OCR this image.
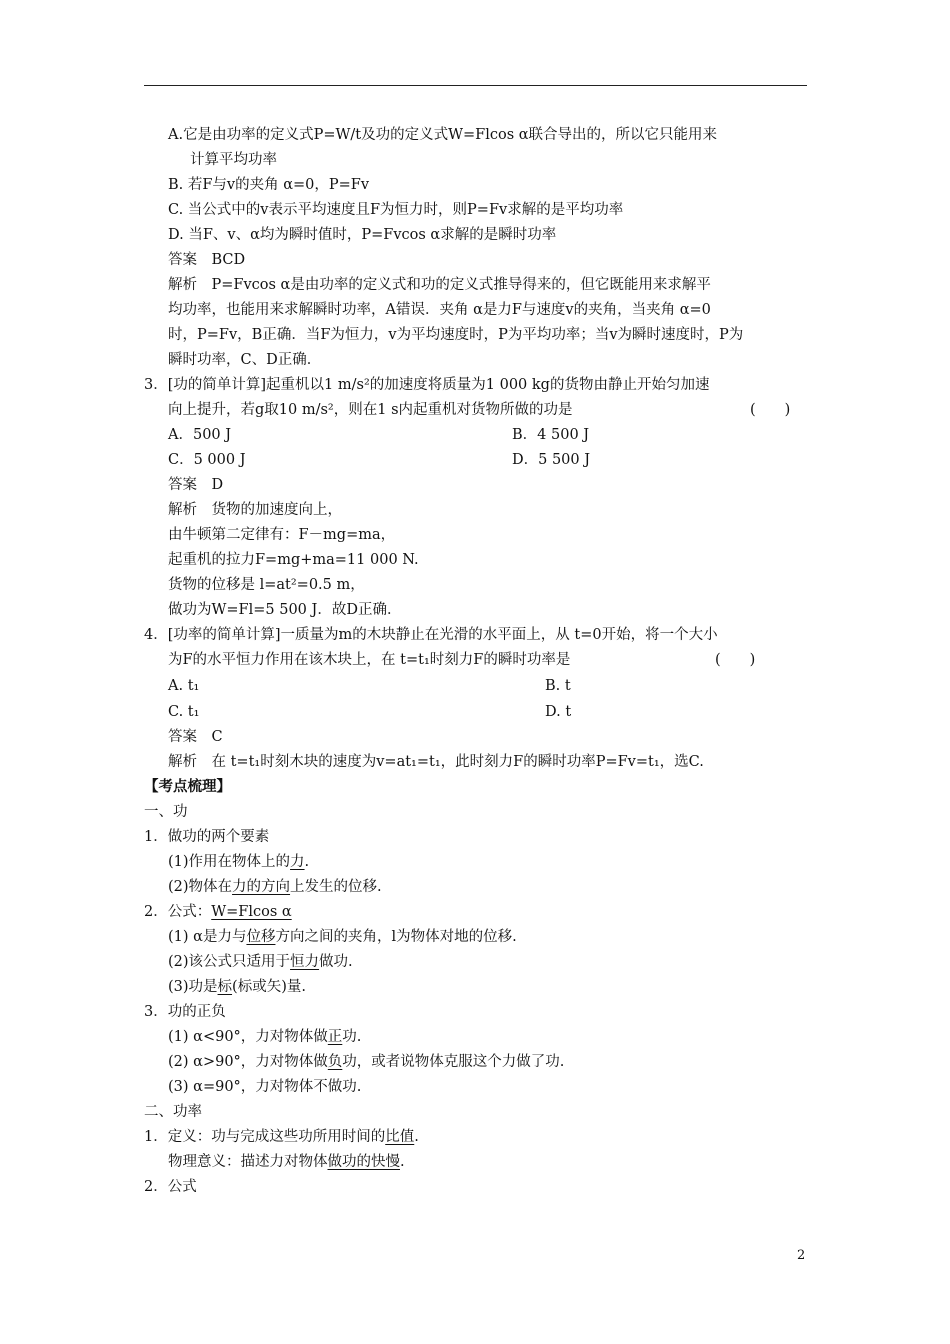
A.它是由功率的定义式P=W/t及功的定义式W=Flcos α联合导出的，所以它只能用来
计算平均功率
B. 若F与v的夹角 α=0，P=Fv
C. 当公式中的v表示平均速度且F为恒力时，则P=Fv求解的是平均功率
D. 当F、v、α均为瞬时值时，P=Fvcos α求解的是瞬时功率
答案　BCD
解析　P=Fvcos α是由功率的定义式和功的定义式推导得来的，但它既能用来求解平
均功率，也能用来求解瞬时功率，A错误．夹角 α是力F与速度v的夹角，当夹角 α=0
时，P=Fv，B正确．当F为恒力，v为平均速度时，P为平均功率；当v为瞬时速度时，P为
瞬时功率，C、D正确．
3．[功的简单计算]起重机以1 m/s²的加速度将质量为1 000 kg的货物由静止开始匀加速
向上提升，若g取10 m/s²，则在1 s内起重机对货物所做的功是	(　　)
A．500 J	B．4 500 J
C．5 000 J	D．5 500 J
答案　D
解析　货物的加速度向上，
由牛顿第二定律有：F－mg=ma，
起重机的拉力F=mg+ma=11 000 N.
货物的位移是 l=at²=0.5 m，
做功为W=Fl=5 500 J．故D正确．
4．[功率的简单计算]一质量为m的木块静止在光滑的水平面上，从 t=0开始，将一个大小
为F的水平恒力作用在该木块上，在 t=t₁时刻力F的瞬时功率是	(　　)
A. t₁	B. t
C. t₁	D. t
答案　C
解析　在 t=t₁时刻木块的速度为v=at₁=t₁，此时刻力F的瞬时功率P=Fv=t₁，选C.
【考点梳理】
一、功
1．做功的两个要素
(1)作用在物体上的力.
(2)物体在力的方向上发生的位移.
2．公式：W=Flcos α
(1) α是力与位移方向之间的夹角，l为物体对地的位移.
(2)该公式只适用于恒力做功.
(3)功是标(标或矢)量.
3．功的正负
(1) α<90°，力对物体做正功.
(2) α>90°，力对物体做负功，或者说物体克服这个力做了功.
(3) α=90°，力对物体不做功.
二、功率
1．定义：功与完成这些功所用时间的比值.
物理意义：描述力对物体做功的快慢.
2．公式
2
